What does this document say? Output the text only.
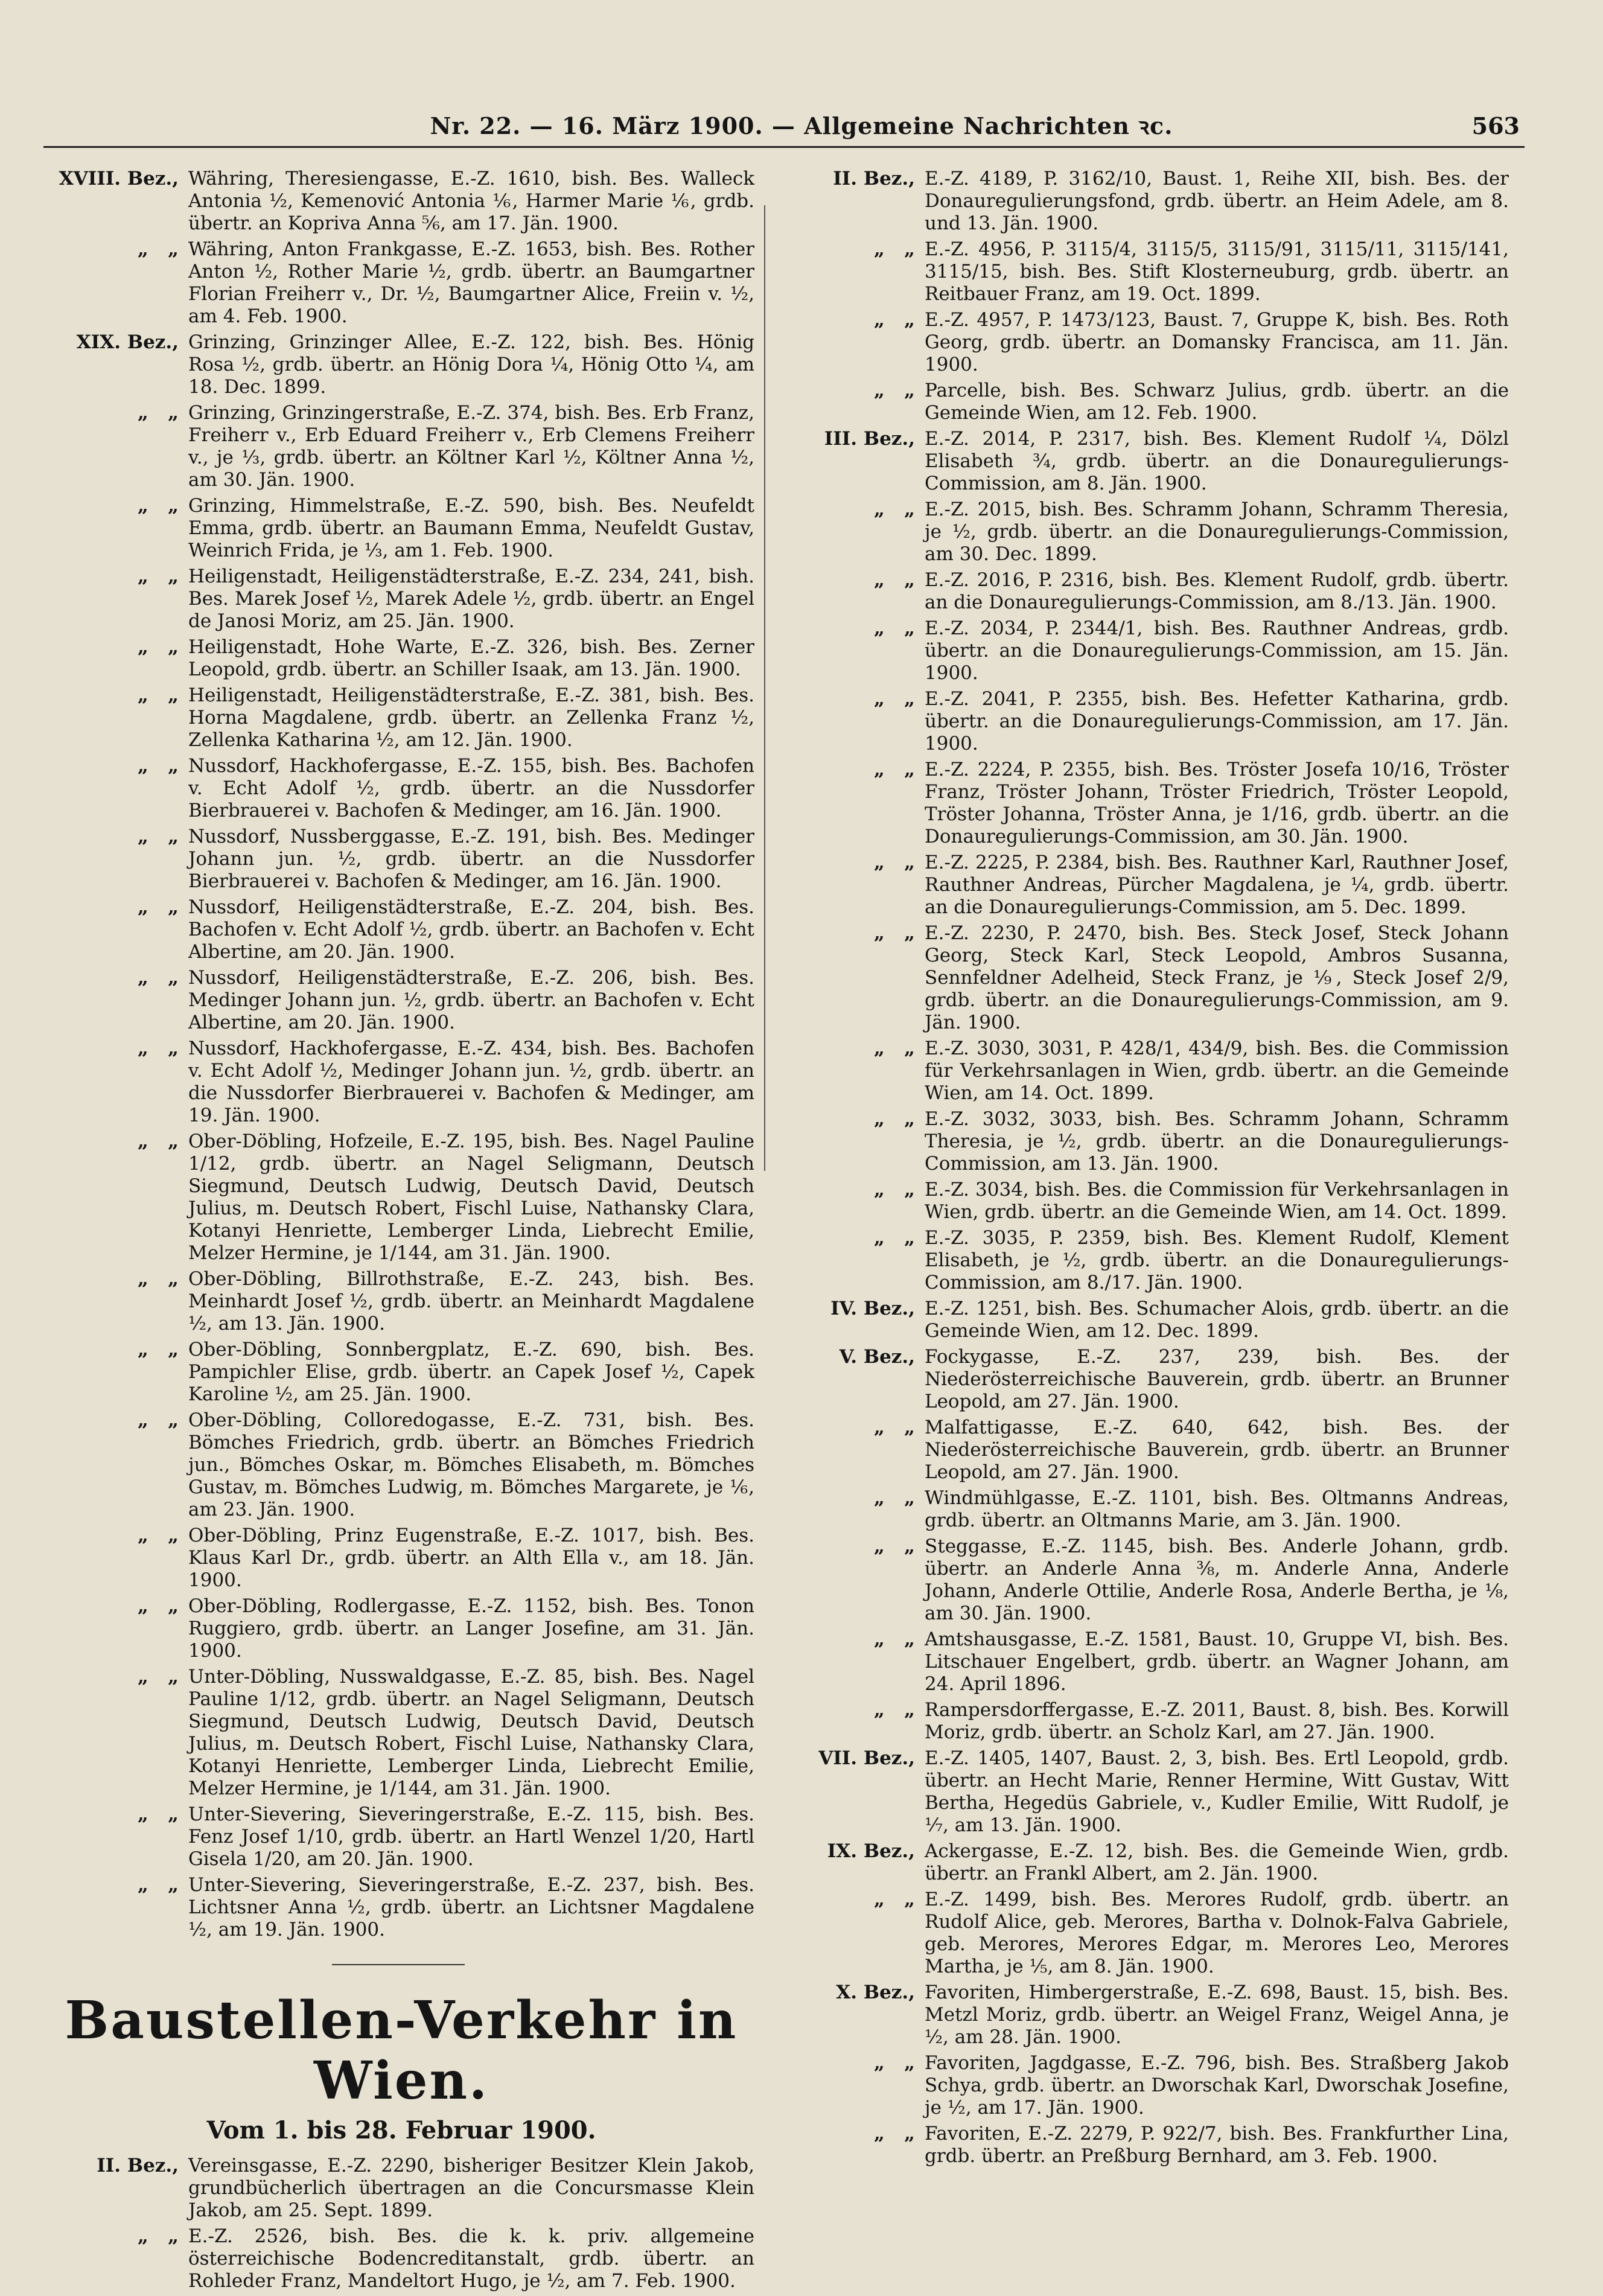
Nr. 22. — 16. März 1900. — Allgemeine Nachrichten ꝛc.	563
XVIII. Bez., Währing, Theresiengasse, E.-Z. 1610, bish. Bes. Walleck Antonia ½, Kemenović Antonia ⅙, Harmer Marie ⅙, grdb. übertr. an Kopriva Anna ⅚, am 17. Jän. 1900.
„   „ Währing, Anton Frankgasse, E.-Z. 1653, bish. Bes. Rother Anton ½, Rother Marie ½, grdb. übertr. an Baumgartner Florian Freiherr v., Dr. ½, Baumgartner Alice, Freiin v. ½, am 4. Feb. 1900.
XIX. Bez., Grinzing, Grinzinger Allee, E.-Z. 122, bish. Bes. Hönig Rosa ½, grdb. übertr. an Hönig Dora ¼, Hönig Otto ¼, am 18. Dec. 1899.
„   „ Grinzing, Grinzingerstraße, E.-Z. 374, bish. Bes. Erb Franz, Freiherr v., Erb Eduard Freiherr v., Erb Clemens Freiherr v., je ⅓, grdb. übertr. an Költner Karl ½, Költner Anna ½, am 30. Jän. 1900.
„   „ Grinzing, Himmelstraße, E.-Z. 590, bish. Bes. Neufeldt Emma, grdb. übertr. an Baumann Emma, Neufeldt Gustav, Weinrich Frida, je ⅓, am 1. Feb. 1900.
„   „ Heiligenstadt, Heiligenstädterstraße, E.-Z. 234, 241, bish. Bes. Marek Josef ½, Marek Adele ½, grdb. übertr. an Engel de Janosi Moriz, am 25. Jän. 1900.
„   „ Heiligenstadt, Hohe Warte, E.-Z. 326, bish. Bes. Zerner Leopold, grdb. übertr. an Schiller Isaak, am 13. Jän. 1900.
„   „ Heiligenstadt, Heiligenstädterstraße, E.-Z. 381, bish. Bes. Horna Magdalene, grdb. übertr. an Zellenka Franz ½, Zellenka Katharina ½, am 12. Jän. 1900.
„   „ Nussdorf, Hackhofergasse, E.-Z. 155, bish. Bes. Bachofen v. Echt Adolf ½, grdb. übertr. an die Nussdorfer Bierbrauerei v. Bachofen & Medinger, am 16. Jän. 1900.
„   „ Nussdorf, Nussberggasse, E.-Z. 191, bish. Bes. Medinger Johann jun. ½, grdb. übertr. an die Nussdorfer Bierbrauerei v. Bachofen & Medinger, am 16. Jän. 1900.
„   „ Nussdorf, Heiligenstädterstraße, E.-Z. 204, bish. Bes. Bachofen v. Echt Adolf ½, grdb. übertr. an Bachofen v. Echt Albertine, am 20. Jän. 1900.
„   „ Nussdorf, Heiligenstädterstraße, E.-Z. 206, bish. Bes. Medinger Johann jun. ½, grdb. übertr. an Bachofen v. Echt Albertine, am 20. Jän. 1900.
„   „ Nussdorf, Hackhofergasse, E.-Z. 434, bish. Bes. Bachofen v. Echt Adolf ½, Medinger Johann jun. ½, grdb. übertr. an die Nussdorfer Bierbrauerei v. Bachofen & Medinger, am 19. Jän. 1900.
„   „ Ober-Döbling, Hofzeile, E.-Z. 195, bish. Bes. Nagel Pauline 1/12, grdb. übertr. an Nagel Seligmann, Deutsch Siegmund, Deutsch Ludwig, Deutsch David, Deutsch Julius, m. Deutsch Robert, Fischl Luise, Nathansky Clara, Kotanyi Henriette, Lemberger Linda, Liebrecht Emilie, Melzer Hermine, je 1/144, am 31. Jän. 1900.
„   „ Ober-Döbling, Billrothstraße, E.-Z. 243, bish. Bes. Meinhardt Josef ½, grdb. übertr. an Meinhardt Magdalene ½, am 13. Jän. 1900.
„   „ Ober-Döbling, Sonnbergplatz, E.-Z. 690, bish. Bes. Pampichler Elise, grdb. übertr. an Capek Josef ½, Capek Karoline ½, am 25. Jän. 1900.
„   „ Ober-Döbling, Colloredogasse, E.-Z. 731, bish. Bes. Bömches Friedrich, grdb. übertr. an Bömches Friedrich jun., Bömches Oskar, m. Bömches Elisabeth, m. Bömches Gustav, m. Bömches Ludwig, m. Bömches Margarete, je ⅙, am 23. Jän. 1900.
„   „ Ober-Döbling, Prinz Eugenstraße, E.-Z. 1017, bish. Bes. Klaus Karl Dr., grdb. übertr. an Alth Ella v., am 18. Jän. 1900.
„   „ Ober-Döbling, Rodlergasse, E.-Z. 1152, bish. Bes. Tonon Ruggiero, grdb. übertr. an Langer Josefine, am 31. Jän. 1900.
„   „ Unter-Döbling, Nusswaldgasse, E.-Z. 85, bish. Bes. Nagel Pauline 1/12, grdb. übertr. an Nagel Seligmann, Deutsch Siegmund, Deutsch Ludwig, Deutsch David, Deutsch Julius, m. Deutsch Robert, Fischl Luise, Nathansky Clara, Kotanyi Henriette, Lemberger Linda, Liebrecht Emilie, Melzer Hermine, je 1/144, am 31. Jän. 1900.
„   „ Unter-Sievering, Sieveringerstraße, E.-Z. 115, bish. Bes. Fenz Josef 1/10, grdb. übertr. an Hartl Wenzel 1/20, Hartl Gisela 1/20, am 20. Jän. 1900.
„   „ Unter-Sievering, Sieveringerstraße, E.-Z. 237, bish. Bes. Lichtsner Anna ½, grdb. übertr. an Lichtsner Magdalene ½, am 19. Jän. 1900.
Baustellen-Verkehr in Wien.
Vom 1. bis 28. Februar 1900.
II. Bez., Vereinsgasse, E.-Z. 2290, bisheriger Besitzer Klein Jakob, grundbücherlich übertragen an die Concursmasse Klein Jakob, am 25. Sept. 1899.
„   „ E.-Z. 2526, bish. Bes. die k. k. priv. allgemeine österreichische Bodencreditanstalt, grdb. übertr. an Rohleder Franz, Mandeltort Hugo, je ½, am 7. Feb. 1900.
II. Bez., E.-Z. 4189, P. 3162/10, Baust. 1, Reihe XII, bish. Bes. der Donauregulierungsfond, grdb. übertr. an Heim Adele, am 8. und 13. Jän. 1900.
„   „ E.-Z. 4956, P. 3115/4, 3115/5, 3115/91, 3115/11, 3115/141, 3115/15, bish. Bes. Stift Klosterneuburg, grdb. übertr. an Reitbauer Franz, am 19. Oct. 1899.
„   „ E.-Z. 4957, P. 1473/123, Baust. 7, Gruppe K, bish. Bes. Roth Georg, grdb. übertr. an Domansky Francisca, am 11. Jän. 1900.
„   „ Parcelle, bish. Bes. Schwarz Julius, grdb. übertr. an die Gemeinde Wien, am 12. Feb. 1900.
III. Bez., E.-Z. 2014, P. 2317, bish. Bes. Klement Rudolf ¼, Dölzl Elisabeth ¾, grdb. übertr. an die Donauregulierungs-Commission, am 8. Jän. 1900.
„   „ E.-Z. 2015, bish. Bes. Schramm Johann, Schramm Theresia, je ½, grdb. übertr. an die Donauregulierungs-Commission, am 30. Dec. 1899.
„   „ E.-Z. 2016, P. 2316, bish. Bes. Klement Rudolf, grdb. übertr. an die Donauregulierungs-Commission, am 8./13. Jän. 1900.
„   „ E.-Z. 2034, P. 2344/1, bish. Bes. Rauthner Andreas, grdb. übertr. an die Donauregulierungs-Commission, am 15. Jän. 1900.
„   „ E.-Z. 2041, P. 2355, bish. Bes. Hefetter Katharina, grdb. übertr. an die Donauregulierungs-Commission, am 17. Jän. 1900.
„   „ E.-Z. 2224, P. 2355, bish. Bes. Tröster Josefa 10/16, Tröster Franz, Tröster Johann, Tröster Friedrich, Tröster Leopold, Tröster Johanna, Tröster Anna, je 1/16, grdb. übertr. an die Donauregulierungs-Commission, am 30. Jän. 1900.
„   „ E.-Z. 2225, P. 2384, bish. Bes. Rauthner Karl, Rauthner Josef, Rauthner Andreas, Pürcher Magdalena, je ¼, grdb. übertr. an die Donauregulierungs-Commission, am 5. Dec. 1899.
„   „ E.-Z. 2230, P. 2470, bish. Bes. Steck Josef, Steck Johann Georg, Steck Karl, Steck Leopold, Ambros Susanna, Sennfeldner Adelheid, Steck Franz, je ⅑, Steck Josef 2/9, grdb. übertr. an die Donauregulierungs-Commission, am 9. Jän. 1900.
„   „ E.-Z. 3030, 3031, P. 428/1, 434/9, bish. Bes. die Commission für Verkehrsanlagen in Wien, grdb. übertr. an die Gemeinde Wien, am 14. Oct. 1899.
„   „ E.-Z. 3032, 3033, bish. Bes. Schramm Johann, Schramm Theresia, je ½, grdb. übertr. an die Donauregulierungs-Commission, am 13. Jän. 1900.
„   „ E.-Z. 3034, bish. Bes. die Commission für Verkehrsanlagen in Wien, grdb. übertr. an die Gemeinde Wien, am 14. Oct. 1899.
„   „ E.-Z. 3035, P. 2359, bish. Bes. Klement Rudolf, Klement Elisabeth, je ½, grdb. übertr. an die Donauregulierungs-Commission, am 8./17. Jän. 1900.
IV. Bez., E.-Z. 1251, bish. Bes. Schumacher Alois, grdb. übertr. an die Gemeinde Wien, am 12. Dec. 1899.
V. Bez., Fockygasse, E.-Z. 237, 239, bish. Bes. der Niederösterreichische Bauverein, grdb. übertr. an Brunner Leopold, am 27. Jän. 1900.
„   „ Malfattigasse, E.-Z. 640, 642, bish. Bes. der Niederösterreichische Bauverein, grdb. übertr. an Brunner Leopold, am 27. Jän. 1900.
„   „ Windmühlgasse, E.-Z. 1101, bish. Bes. Oltmanns Andreas, grdb. übertr. an Oltmanns Marie, am 3. Jän. 1900.
„   „ Steggasse, E.-Z. 1145, bish. Bes. Anderle Johann, grdb. übertr. an Anderle Anna ⅜, m. Anderle Anna, Anderle Johann, Anderle Ottilie, Anderle Rosa, Anderle Bertha, je ⅛, am 30. Jän. 1900.
„   „ Amtshausgasse, E.-Z. 1581, Baust. 10, Gruppe VI, bish. Bes. Litschauer Engelbert, grdb. übertr. an Wagner Johann, am 24. April 1896.
„   „ Rampersdorffergasse, E.-Z. 2011, Baust. 8, bish. Bes. Korwill Moriz, grdb. übertr. an Scholz Karl, am 27. Jän. 1900.
VII. Bez., E.-Z. 1405, 1407, Baust. 2, 3, bish. Bes. Ertl Leopold, grdb. übertr. an Hecht Marie, Renner Hermine, Witt Gustav, Witt Bertha, Hegedüs Gabriele, v., Kudler Emilie, Witt Rudolf, je ⅐, am 13. Jän. 1900.
IX. Bez., Ackergasse, E.-Z. 12, bish. Bes. die Gemeinde Wien, grdb. übertr. an Frankl Albert, am 2. Jän. 1900.
„   „ E.-Z. 1499, bish. Bes. Merores Rudolf, grdb. übertr. an Rudolf Alice, geb. Merores, Bartha v. Dolnok-Falva Gabriele, geb. Merores, Merores Edgar, m. Merores Leo, Merores Martha, je ⅕, am 8. Jän. 1900.
X. Bez., Favoriten, Himbergerstraße, E.-Z. 698, Baust. 15, bish. Bes. Metzl Moriz, grdb. übertr. an Weigel Franz, Weigel Anna, je ½, am 28. Jän. 1900.
„   „ Favoriten, Jagdgasse, E.-Z. 796, bish. Bes. Straßberg Jakob Schya, grdb. übertr. an Dworschak Karl, Dworschak Josefine, je ½, am 17. Jän. 1900.
„   „ Favoriten, E.-Z. 2279, P. 922/7, bish. Bes. Frankfurther Lina, grdb. übertr. an Preßburg Bernhard, am 3. Feb. 1900.
